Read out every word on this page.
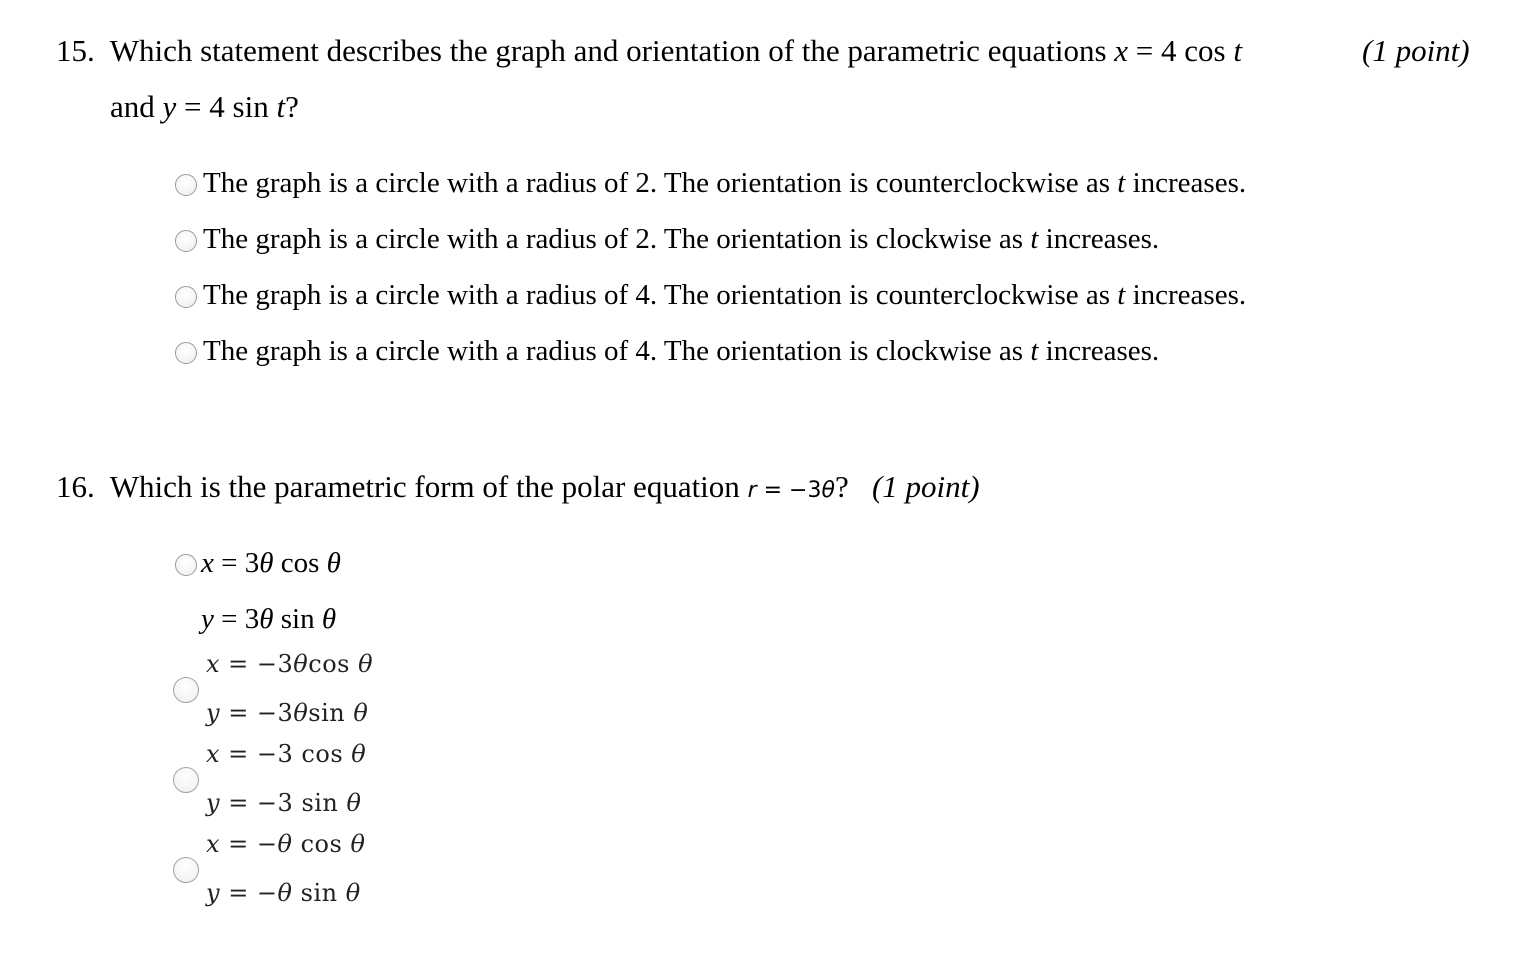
15. Which statement describes the graph and orientation of the parametric equations x = 4 cos t	(1 point)
and y = 4 sin t?
The graph is a circle with a radius of 2. The orientation is counterclockwise as t increases.
The graph is a circle with a radius of 2. The orientation is clockwise as t increases.
The graph is a circle with a radius of 4. The orientation is counterclockwise as t increases.
The graph is a circle with a radius of 4. The orientation is clockwise as t increases.
16. Which is the parametric form of the polar equation r = −3θ? (1 point)
x = 3θ cos θ
y = 3θ sin θ
x = −3θcos θ
y = −3θsin θ
x = −3 cos θ
y = −3 sin θ
x = −θ cos θ
y = −θ sin θ
